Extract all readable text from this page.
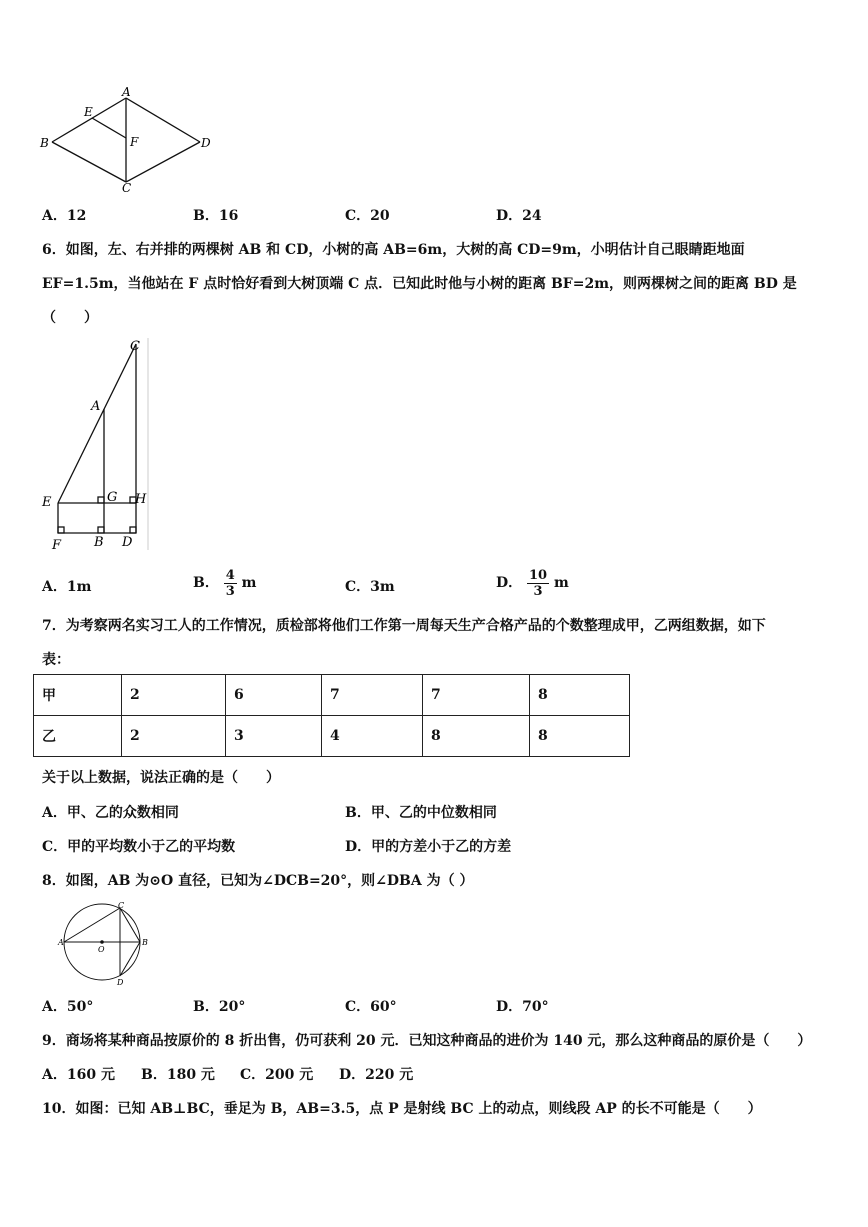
A
B
C
D
E
F
A．12	B．16	C．20	D．24
6．如图，左、右并排的两棵树 AB 和 CD，小树的高 AB=6m，大树的高 CD=9m，小明估计自己眼睛距地面
EF=1.5m，当他站在 F 点时恰好看到大树顶端 C 点．已知此时他与小树的距离 BF=2m，则两棵树之间的距离 BD 是
（　　）
C
A
E	G H
F	B D
A．1m	B． $\frac{4}{3}$ m	C．3m	D． $\frac{10}{3}$ m
7．为考察两名实习工人的工作情况，质检部将他们工作第一周每天生产合格产品的个数整理成甲，乙两组数据，如下
表：
甲	2	6	7	7	8
乙	2	3	4	8	8
关于以上数据，说法正确的是（　　）
A．甲、乙的众数相同	B．甲、乙的中位数相同
C．甲的平均数小于乙的平均数	D．甲的方差小于乙的方差
8．如图，AB 为⊙O 直径，已知为∠DCB=20°，则∠DBA 为（ ）
C
A	B
O
D
A．50°	B．20°	C．60°	D．70°
9．商场将某种商品按原价的 8 折出售，仍可获利 20 元．已知这种商品的进价为 140 元，那么这种商品的原价是（　　）
A．160 元 B．180 元 C．200 元 D．220 元
10．如图：已知 AB⊥BC，垂足为 B，AB=3.5，点 P 是射线 BC 上的动点，则线段 AP 的长不可能是（　　）
